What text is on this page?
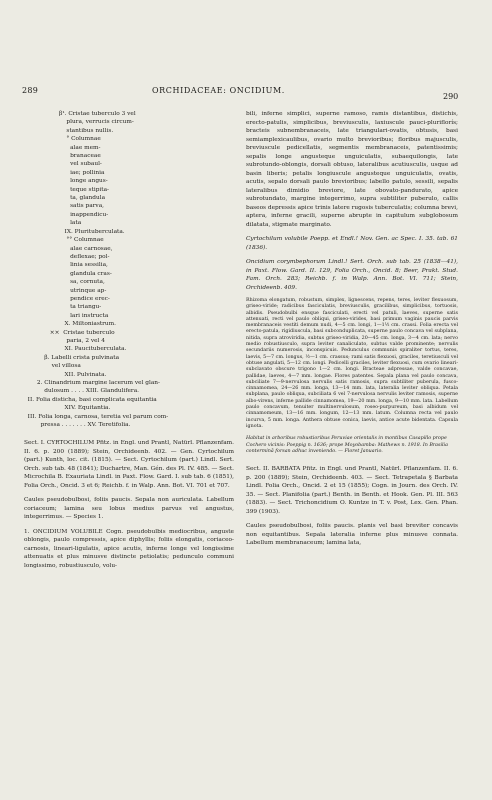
289	ORCHIDACEAE: ONCIDIUM.
290
β¹. Cristae tuberculo 3 vel
plura, verrucis circum-
stantibus nullis.
° Columnae
alae mem-
branaceae
vel subaul-
iae; pollinia
longe angus-
teque stipita-
ta, glandula
satis parva,
inappendicu-
lata
IX. Plurituberculata.
°° Columnae
alae carnosae,
deflexae; pol-
linia sessilia,
glandula cras-
sa, cornuta,
utrinque ap-
pendice erec-
ta triangu-
lari instructa
X. Miltoniastrum.
××  Cristae tuberculo
paria, 2 vel 4
XI. Paucituberculata.
β. Labelli crista pulvinata
vel villosa
XII. Pulvinata.
2. Clinandrium margine lacerum vel glan-
dulosum . . . . XIII. Glandulifera.
II. Folia disticha, basi complicata equitantia
XIV. Equitantia.
III. Folia longa, carnosa, teretia vel parum com-
pressa . . . . . . . XV. Teretifolia.

Sect. I. CYRTOCHILUM Pfitz. in Engl. und Prantl, Natürl. Pflanzenfam. II. 6. p. 200 (1889); Stein, Orchideenb. 402. — Gen. Cyrtochilum (part.) Kunth, loc. cit. (1815). — Sect. Cyrtochilum (part.) Lindl. Sert. Orch. sub tab. 48 (1841); Duchartre, Man. Gén. des Pl. IV. 485. — Sect. Microchila B. Exauriata Lindl. in Paxt. Flow. Gard. I. sub tab. 6 (1851), Folia Orch., Oncid. 3 et 6; Reichb. f. in Walp. Ann. Bot. VI. 701 et 707.

Caules pseudobulbosi, foliis paucis. Sepala non auriculata. Labellum coriaceum; lamina seu lobus medius parvus vel angustus, integerrimus. — Species 1.

1. ONCIDIUM VOLUBILE Cogn. pseudobulbis mediocribus, anguste oblongis, paulo compressis, apice diphyllis; foliis elongatis, coriaceo-carnosis, lineari-ligulatis, apice acutis, inferne longe vel longissime attenuatis et plus minusve distincte petiolatis; pedunculo communi longissimo, robustiusculo, volu-

bili, inferne simplici, superne ramoso, ramis distantibus, distichis, erecto-patulis, simplicibus, breviusculis, laxiuscule pauci-pluriflorís; bracteis subnembranaceis, late triangulari-ovatis, obtusis, basi semiamplexicaulibus, ovario multo brevioribus; floribus majusculis, breviuscule pedicellatis, segmentis membranaceis, patentissimis; sepalis longe angusteque unguiculatis, subaequilongis, late subrotundo-oblongis, dorsali obtuso, lateralibus acutiusculis, usque ad basin liberis; petalis longiuscule angusteque unguiculatis, ovatis, acutis, sepalo dorsali paulo brevioribus; labello patulo, sessili, sepalis lateralibus dimidio breviore, late obovato-pandurato, apice subrotundato, margine integerrimo, supra subtiliter puberulo, callis baseos depressis apice trinis latere rugosis tuberculatis; columna brevi, aptera, inferne gracili, superne abrupte in capitulum subglobosum dilatata, stigmate marginato.

Cyrtochilum volubile Poepp. et Endl.! Nov. Gen. ac Spec. I. 35. tab. 61 (1836).

Oncidium corymbephorum Lindl.! Sert. Orch. sub tab. 25 (1838—41), in Paxt. Flow. Gard. II. 129, Folia Orch., Oncid. 8; Beer, Prakt. Stud. Fam. Orch. 283; Reichb. f. in Walp. Ann. Bot. VI. 711; Stein, Orchideenb. 409.

Rhizoma elongatum, robustum, simplex, lignescens, repens, teres, leviter flexuosum, griseo-viride; radicibus fasciculatis, breviusculis, gracilibus, simplicibus, tortuosis, albidis. Pseudobulbi ensque fasciculati, erecti vel patuli, laeves, superne satis attenuati, recti vel paulo obliqui, griseo-virides, basi primum vaginis paucis parvis membranaceis vestiti demum nudi, 4—5 cm. longi, 1—1½ cm. crassi. Folia erecta vel erecto-patula, rigidiuscula, basi subconduplicata, superne paulo concava vel subplana, nitida, supra atroviridia, subtus griseo-viridia, 20—45 cm. longa, 3—4 cm. lata; nervo medio robustiusculo, supra leviter canaliculato, subtus valde prominente; nervulis secundariis numerosis, inconspicuis. Pedunculus communis spiraliter tortus, teres, laevis, 5—7 cm. longus, ½—1 cm. crassus; rami satis flexuosi, graciles, teretiusculi vel obtuse angulati, 5—12 cm. longi. Pedicelli graciles, leviter flexuosi, cum ovario lineari-subclavato obscure trigono 1—2 cm. longi. Bracteae adpressae, valde concavae, pallidae, laeves, 4—7 mm. longae. Flores patentes. Sepala plana vel paulo concava, subciliate 7—9-nervulosa nervulis satis ramosis, supra subtiliter puberula, fusco-cinnamomea, 24—26 mm. longa, 13—14 mm. lata, lateralia leviter obliqua. Petala subplana, paulo obliqua, subciliata 6 vel 7-nervulosa nervulis leviter ramosis, superne albo-virens, inferne pallide cinnamomea, 19—20 mm. longa, 9—10 mm. lata. Labellum paulo concavum, tenuiter multinervulosum, roseo-purpureum, basi albidum vel cinnamomeum, 13—16 mm. longum, 12—13 mm. latum. Columna recta vel paulo incurva, 5 mm. longa. Anthera obtuse conica, laevis, antice acute bidentata. Capsula ignota.

Habitat in arboribus robustioribus Peruviae orientalis in montibus Casapillo prope Cochero vicinis: Poeppig n. 1636; prope Moyobamba: Mathews n. 1918. In Brasilia conterminā forsan adhuc inveniendo. — Floret Januario.

Sect. II. BARBATA Pfitz. in Engl. und Prantl, Natürl. Pflanzenfam. II. 6. p. 200 (1889); Stein, Orchideenb. 403. — Sect. Tetrapetala § Barbata Lindl. Folia Orch., Oncid. 2 et 15 (1855); Cogn. in Journ. des Orch. IV. 35. — Sect. Planifolia (part.) Benth. in Benth. et Hook. Gen. Pl. III. 563 (1883). — Sect. Trichoncidium O. Kuntze in T. v. Post, Lex. Gen. Phan. 399 (1903).

Caules pseudobulbosi, foliis paucis. planis vel basi breviter concavis non equitantibus. Sepala lateralia inferne plus minusve connata. Labellum membranaceum; lamina lata,
